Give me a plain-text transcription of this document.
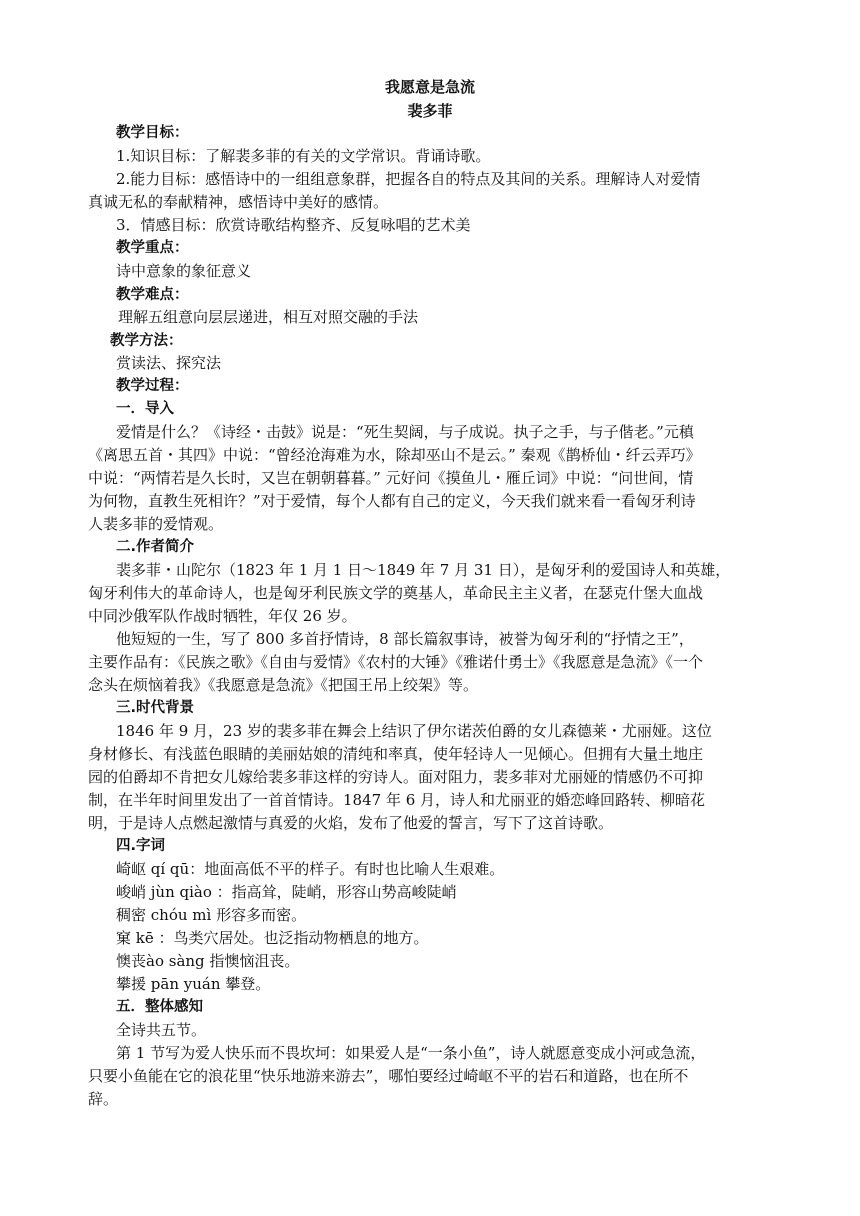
我愿意是急流
裴多菲
教学目标：
1.知识目标：了解裴多菲的有关的文学常识。背诵诗歌。
2.能力目标：感悟诗中的一组组意象群，把握各自的特点及其间的关系。理解诗人对爱情
真诚无私的奉献精神，感悟诗中美好的感情。
3．情感目标：欣赏诗歌结构整齐、反复咏唱的艺术美
教学重点：
诗中意象的象征意义
教学难点：
理解五组意向层层递进，相互对照交融的手法
教学方法：
赏读法、探究法
教学过程：
一．导入
爱情是什么？《诗经・击鼓》说是：“死生契阔，与子成说。执子之手，与子偕老。”元稹
《离思五首・其四》中说：“曾经沧海难为水，除却巫山不是云。” 秦观《鹊桥仙・纤云弄巧》
中说：“两情若是久长时，又岂在朝朝暮暮。” 元好问《摸鱼儿・雁丘词》中说：“问世间，情
为何物，直教生死相许？”对于爱情，每个人都有自己的定义，今天我们就来看一看匈牙利诗
人裴多菲的爱情观。
二.作者简介
裴多菲・山陀尔（1823 年 1 月 1 日～1849 年 7 月 31 日），是匈牙利的爱国诗人和英雄，
匈牙利伟大的革命诗人，也是匈牙利民族文学的奠基人，革命民主主义者，在瑟克什堡大血战
中同沙俄军队作战时牺牲，年仅 26 岁。
他短短的一生，写了 800 多首抒情诗，8 部长篇叙事诗，被誉为匈牙利的“抒情之王”，
主要作品有：《民族之歌》《自由与爱情》《农村的大锤》《雅诺什勇士》《我愿意是急流》《一个
念头在烦恼着我》《我愿意是急流》《把国王吊上绞架》等。
三.时代背景
1846 年 9 月，23 岁的裴多菲在舞会上结识了伊尔诺茨伯爵的女儿森德莱・尤丽娅。这位
身材修长、有浅蓝色眼睛的美丽姑娘的清纯和率真，使年轻诗人一见倾心。但拥有大量土地庄
园的伯爵却不肯把女儿嫁给裴多菲这样的穷诗人。面对阻力，裴多菲对尤丽娅的情感仍不可抑
制，在半年时间里发出了一首首情诗。1847 年 6 月，诗人和尤丽亚的婚恋峰回路转、柳暗花
明，于是诗人点燃起激情与真爱的火焰，发布了他爱的誓言，写下了这首诗歌。
四.字词
崎岖 qí qū：地面高低不平的样子。有时也比喻人生艰难。
峻峭 jùn qiào ：指高耸，陡峭，形容山势高峻陡峭
稠密 chóu mì 形容多而密。
窠 kē ：鸟类穴居处。也泛指动物栖息的地方。
懊丧ào sàng 指懊恼沮丧。
攀援 pān yuán 攀登。
五．整体感知
全诗共五节。
第 1 节写为爱人快乐而不畏坎坷：如果爱人是“一条小鱼”，诗人就愿意变成小河或急流，
只要小鱼能在它的浪花里“快乐地游来游去”，哪怕要经过崎岖不平的岩石和道路，也在所不
辞。
